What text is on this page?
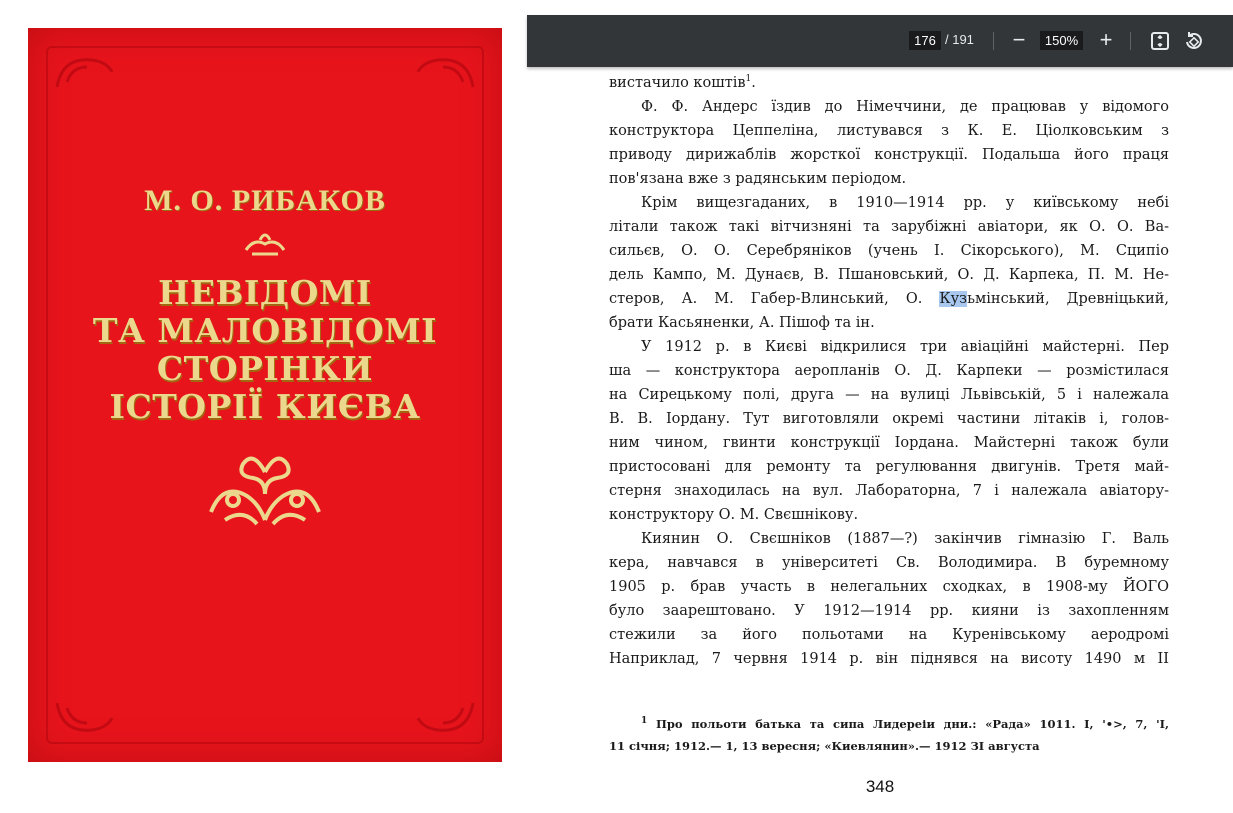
М. О. РИБАКОВ
НЕВІДОМІ
ТА МАЛОВІДОМІ
СТОРІНКИ
ІСТОРІЇ КИЄВА
176
/ 191 −
150%	+
вистачило коштів$^1$.
Ф. Ф. Андерс їздив до Німеччини, де працював у відомого
конструктора Цеппеліна, листувався з К. Е. Ціолковським з
приводу дирижаблів жорсткої конструкції. Подальша його праця
пов'язана вже з радянським періодом.
Крім вищезгаданих, в 1910—1914 рр. у київському небі
літали також такі вітчизняні та зарубіжні авіатори, як О. О. Ва-
сильєв, О. О. Серебряніков (учень І. Сікорського), М. Сципіо
дель Кампо, М. Дунаєв, В. Пшановський, О. Д. Карпека, П. М. Не-
стеров, А. М. Габер-Влинський, О. Кузьмінський, Древніцький,
брати Касьяненки, А. Пішоф та ін.
У 1912 р. в Києві відкрилися три авіаційні майстерні. Пер
ша — конструктора аеропланів О. Д. Карпеки — розмістилася
на Сирецькому полі, друга — на вулиці Львівській, 5 і належала
В. В. Іордану. Тут виготовляли окремі частини літаків і, голов-
ним чином, гвинти конструкції Іордана. Майстерні також були
пристосовані для ремонту та регулювання двигунів. Третя май-
стерня знаходилась на вул. Лабораторна, 7 і належала авіатору-
конструктору О. М. Свєшнікову.
Киянин О. Свєшніков (1887—?) закінчив гімназію Г. Валь
кера, навчався в університеті Св. Володимира. В буремному
1905 р. брав участь в нелегальних сходках, в 1908-му ЙОГО
було заарештовано. У 1912—1914 рр. кияни із захопленням
стежили за його польотами на Куренівському аеродромі
Наприклад, 7 червня 1914 р. він піднявся на висоту 1490 м ІІ
$^1$ Про польоти батька та сипа Лидереіи дни.: «Рада» 1011. І, '•>, 7, 'І,
11 січня; 1912.— 1, 13 вересня; «Киевлянин».— 1912 ЗІ августа
348
